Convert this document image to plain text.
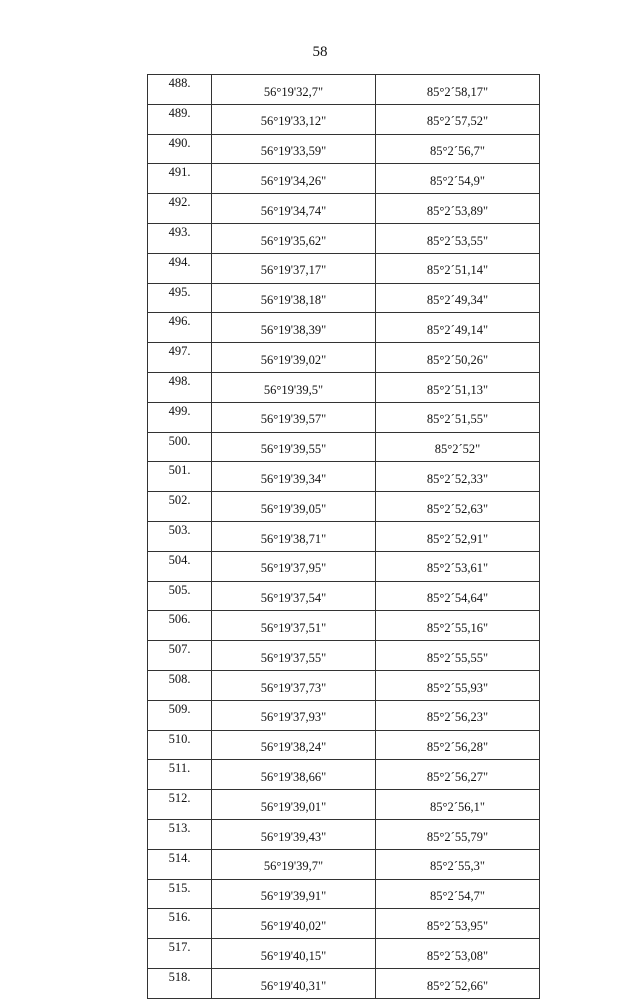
58
488.	56°19'32,7"	85°2´58,17"
489.	56°19'33,12"	85°2´57,52"
490.	56°19'33,59"	85°2´56,7"
491.	56°19'34,26"	85°2´54,9"
492.	56°19'34,74"	85°2´53,89"
493.	56°19'35,62"	85°2´53,55"
494.	56°19'37,17"	85°2´51,14"
495.	56°19'38,18"	85°2´49,34"
496.	56°19'38,39"	85°2´49,14"
497.	56°19'39,02"	85°2´50,26"
498.	56°19'39,5"	85°2´51,13"
499.	56°19'39,57"	85°2´51,55"
500.	56°19'39,55"	85°2´52"
501.	56°19'39,34"	85°2´52,33"
502.	56°19'39,05"	85°2´52,63"
503.	56°19'38,71"	85°2´52,91"
504.	56°19'37,95"	85°2´53,61"
505.	56°19'37,54"	85°2´54,64"
506.	56°19'37,51"	85°2´55,16"
507.	56°19'37,55"	85°2´55,55"
508.	56°19'37,73"	85°2´55,93"
509.	56°19'37,93"	85°2´56,23"
510.	56°19'38,24"	85°2´56,28"
511.	56°19'38,66"	85°2´56,27"
512.	56°19'39,01"	85°2´56,1"
513.	56°19'39,43"	85°2´55,79"
514.	56°19'39,7"	85°2´55,3"
515.	56°19'39,91"	85°2´54,7"
516.	56°19'40,02"	85°2´53,95"
517.	56°19'40,15"	85°2´53,08"
518.	56°19'40,31"	85°2´52,66"
